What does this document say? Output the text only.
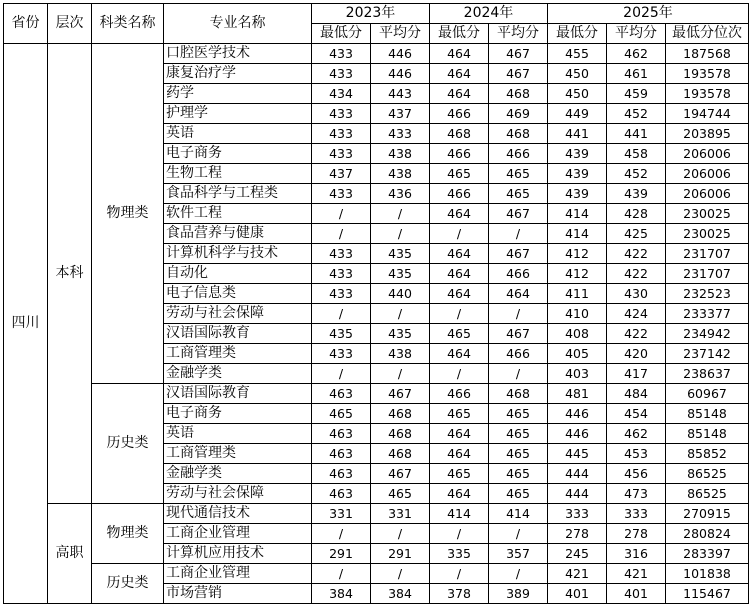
省份	层次	科类名称	专业名称	2023年		2024年		2025年		
				最低分	平均分	最低分	平均分	最低分	平均分	最低分位次
四川	本科	物理类	口腔医学技术	433	446	464	467	455	462	187568
			康复治疗学	433	446	464	467	450	461	193578
			药学	434	443	464	468	450	459	193578
			护理学	433	437	466	469	449	452	194744
			英语	433	433	468	468	441	441	203895
			电子商务	433	438	466	466	439	458	206006
			生物工程	437	438	465	465	439	452	206006
			食品科学与工程类	433	436	466	465	439	439	206006
			软件工程	/	/	464	467	414	428	230025
			食品营养与健康	/	/	/	/	414	425	230025
			计算机科学与技术	433	435	464	467	412	422	231707
			自动化	433	435	464	466	412	422	231707
			电子信息类	433	440	464	464	411	430	232523
			劳动与社会保障	/	/	/	/	410	424	233377
			汉语国际教育	435	435	465	467	408	422	234942
			工商管理类	433	438	464	466	405	420	237142
			金融学类	/	/	/	/	403	417	238637
		历史类	汉语国际教育	463	467	466	468	481	484	60967
			电子商务	465	468	465	465	446	454	85148
			英语	463	468	464	465	446	462	85148
			工商管理类	463	468	464	465	445	453	85852
			金融学类	463	467	465	465	444	456	86525
			劳动与社会保障	463	465	464	465	444	473	86525
	高职	物理类	现代通信技术	331	331	414	414	333	333	270915
			工商企业管理	/	/	/	/	278	278	280824
			计算机应用技术	291	291	335	357	245	316	283397
		历史类	工商企业管理	/	/	/	/	421	421	101838
			市场营销	384	384	378	389	401	401	115467
